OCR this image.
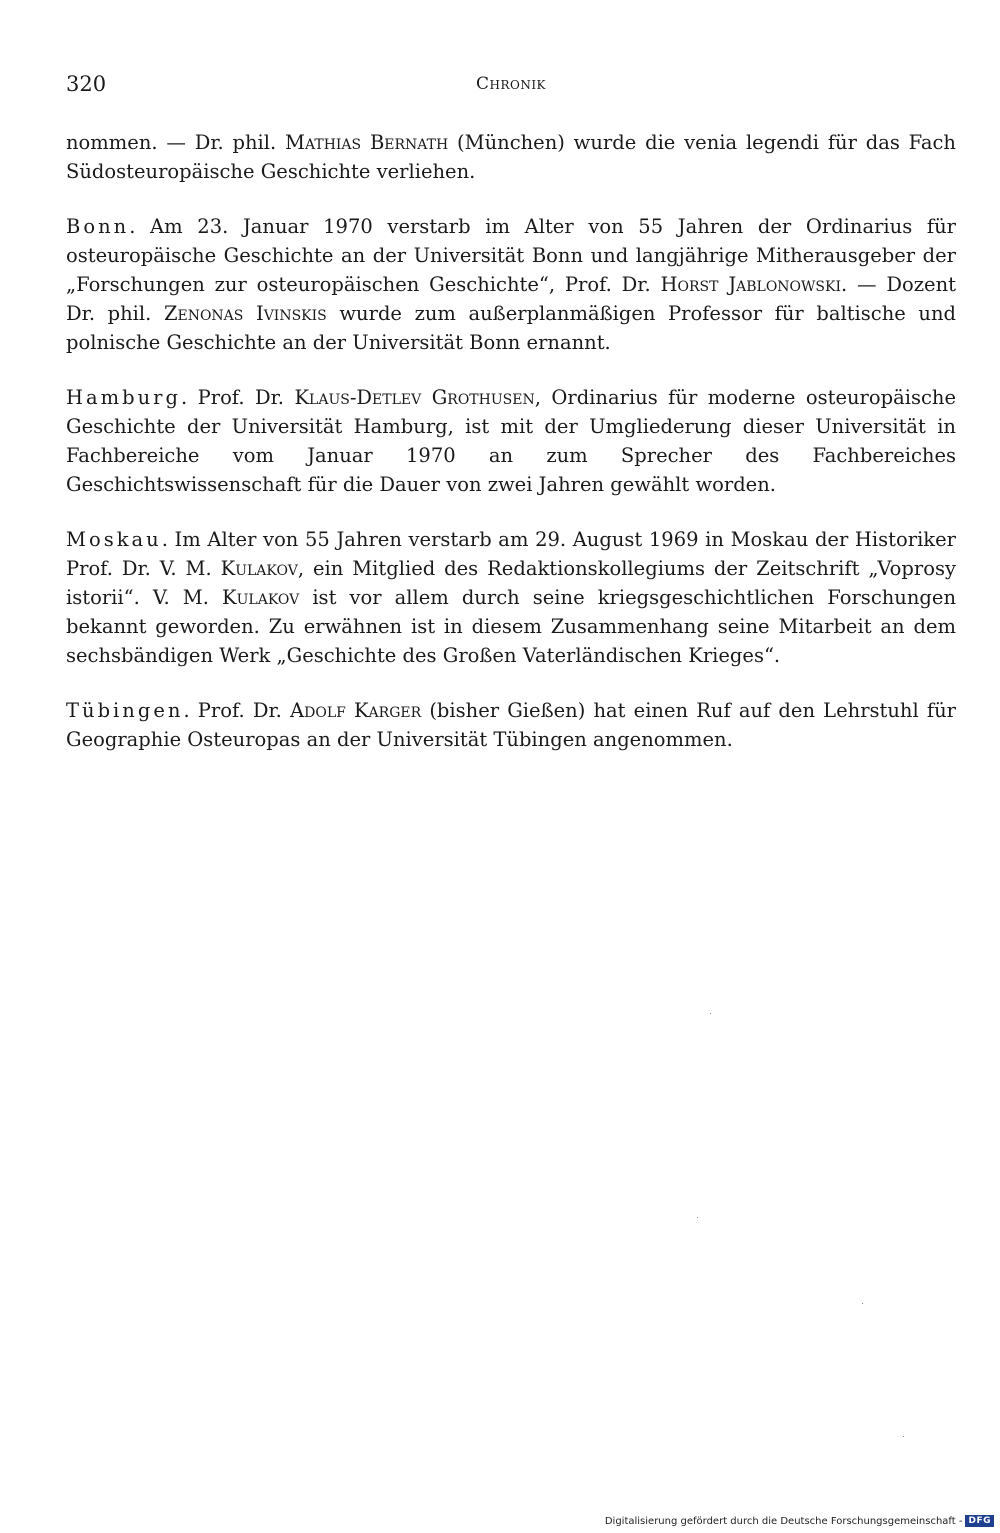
320	Chronik

nommen. — Dr. phil. Mathias Bernath (München) wurde die venia legendi für das Fach Südosteuropäische Geschichte verliehen.

Bonn. Am 23. Januar 1970 verstarb im Alter von 55 Jahren der Ordinarius für osteuropäische Geschichte an der Universität Bonn und langjährige Mitherausgeber der „Forschungen zur osteuropäischen Geschichte“, Prof. Dr. Horst Jablonowski. — Dozent Dr. phil. Zenonas Ivinskis wurde zum außerplanmäßigen Professor für baltische und polnische Geschichte an der Universität Bonn ernannt.

Hamburg. Prof. Dr. Klaus-Detlev Grothusen, Ordinarius für moderne osteuropäische Geschichte der Universität Hamburg, ist mit der Umgliederung dieser Universität in Fachbereiche vom Januar 1970 an zum Sprecher des Fachbereiches Geschichtswissenschaft für die Dauer von zwei Jahren gewählt worden.

Moskau. Im Alter von 55 Jahren verstarb am 29. August 1969 in Moskau der Historiker Prof. Dr. V. M. Kulakov, ein Mitglied des Redaktionskollegiums der Zeitschrift „Voprosy istorii“. V. M. Kulakov ist vor allem durch seine kriegsgeschichtlichen Forschungen bekannt geworden. Zu erwähnen ist in diesem Zusammenhang seine Mitarbeit an dem sechsbändigen Werk „Geschichte des Großen Vaterländischen Krieges“.

Tübingen. Prof. Dr. Adolf Karger (bisher Gießen) hat einen Ruf auf den Lehrstuhl für Geographie Osteuropas an der Universität Tübingen angenommen.

Digitalisierung gefördert durch die Deutsche Forschungsgemeinschaft - DFG
